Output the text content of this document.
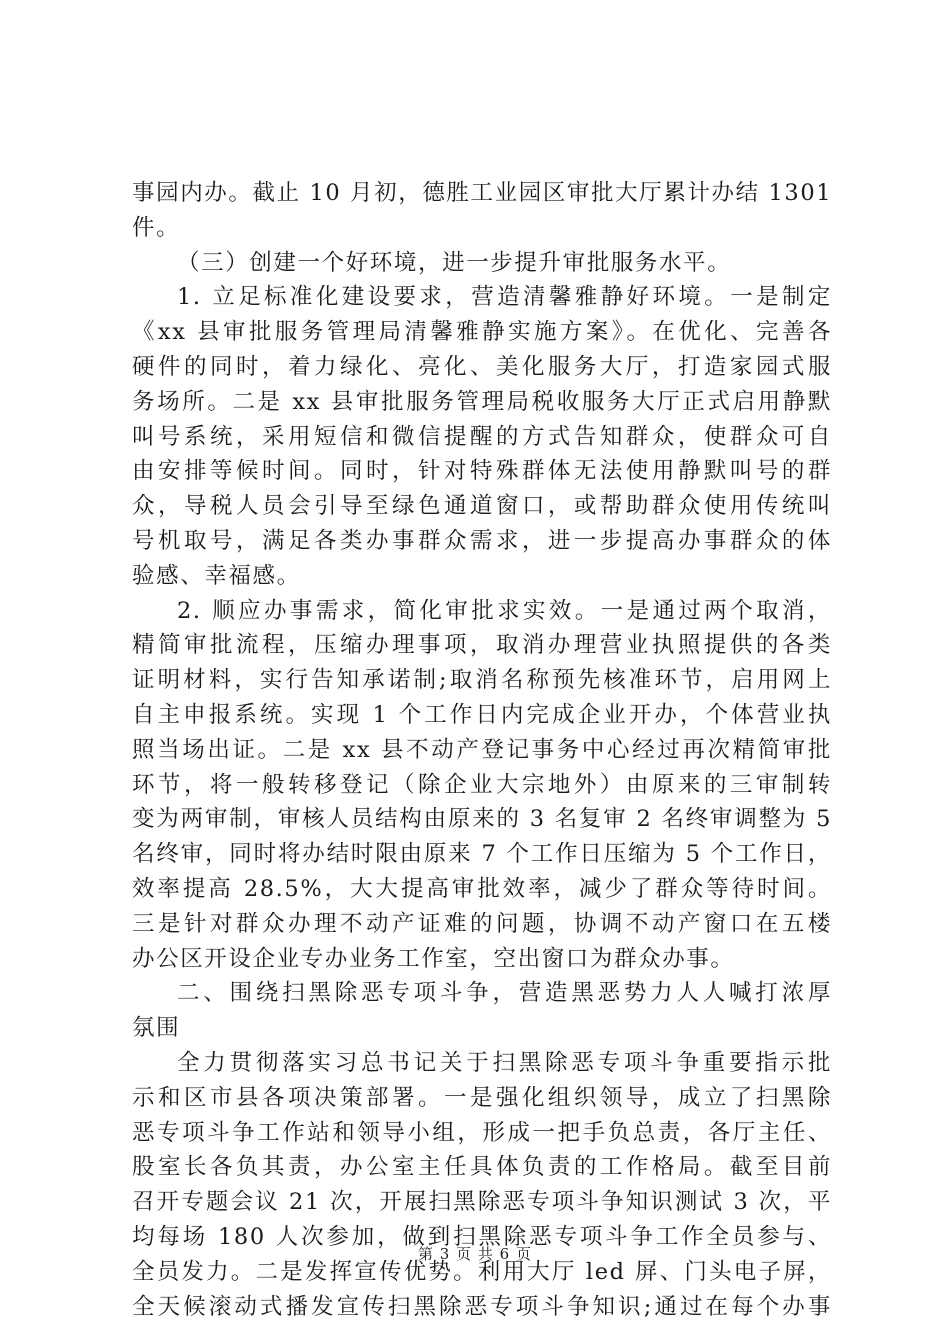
事园内办。截止 10 月初，德胜工业园区审批大厅累计办结 1301
件。
（三）创建一个好环境，进一步提升审批服务水平。
1. 立足标准化建设要求，营造清馨雅静好环境。一是制定
《xx 县审批服务管理局清馨雅静实施方案》。在优化、完善各
硬件的同时，着力绿化、亮化、美化服务大厅，打造家园式服
务场所。二是 xx 县审批服务管理局税收服务大厅正式启用静默
叫号系统，采用短信和微信提醒的方式告知群众，使群众可自
由安排等候时间。同时，针对特殊群体无法使用静默叫号的群
众，导税人员会引导至绿色通道窗口，或帮助群众使用传统叫
号机取号，满足各类办事群众需求，进一步提高办事群众的体
验感、幸福感。
2. 顺应办事需求，简化审批求实效。一是通过两个取消，
精简审批流程，压缩办理事项，取消办理营业执照提供的各类
证明材料，实行告知承诺制;取消名称预先核准环节，启用网上
自主申报系统。实现 1 个工作日内完成企业开办，个体营业执
照当场出证。二是 xx 县不动产登记事务中心经过再次精简审批
环节，将一般转移登记（除企业大宗地外）由原来的三审制转
变为两审制，审核人员结构由原来的 3 名复审 2 名终审调整为 5
名终审，同时将办结时限由原来 7 个工作日压缩为 5 个工作日，
效率提高 28.5%，大大提高审批效率，减少了群众等待时间。
三是针对群众办理不动产证难的问题，协调不动产窗口在五楼
办公区开设企业专办业务工作室，空出窗口为群众办事。
二、围绕扫黑除恶专项斗争，营造黑恶势力人人喊打浓厚
氛围
全力贯彻落实习总书记关于扫黑除恶专项斗争重要指示批
示和区市县各项决策部署。一是强化组织领导，成立了扫黑除
恶专项斗争工作站和领导小组，形成一把手负总责，各厅主任、
股室长各负其责，办公室主任具体负责的工作格局。截至目前
召开专题会议 21 次，开展扫黑除恶专项斗争知识测试 3 次，平
均每场 180 人次参加，做到扫黑除恶专项斗争工作全员参与、
全员发力。二是发挥宣传优势。利用大厅 led 屏、门头电子屏，
全天候滚动式播发宣传扫黑除恶专项斗争知识;通过在每个办事
第 3 页 共 6 页
